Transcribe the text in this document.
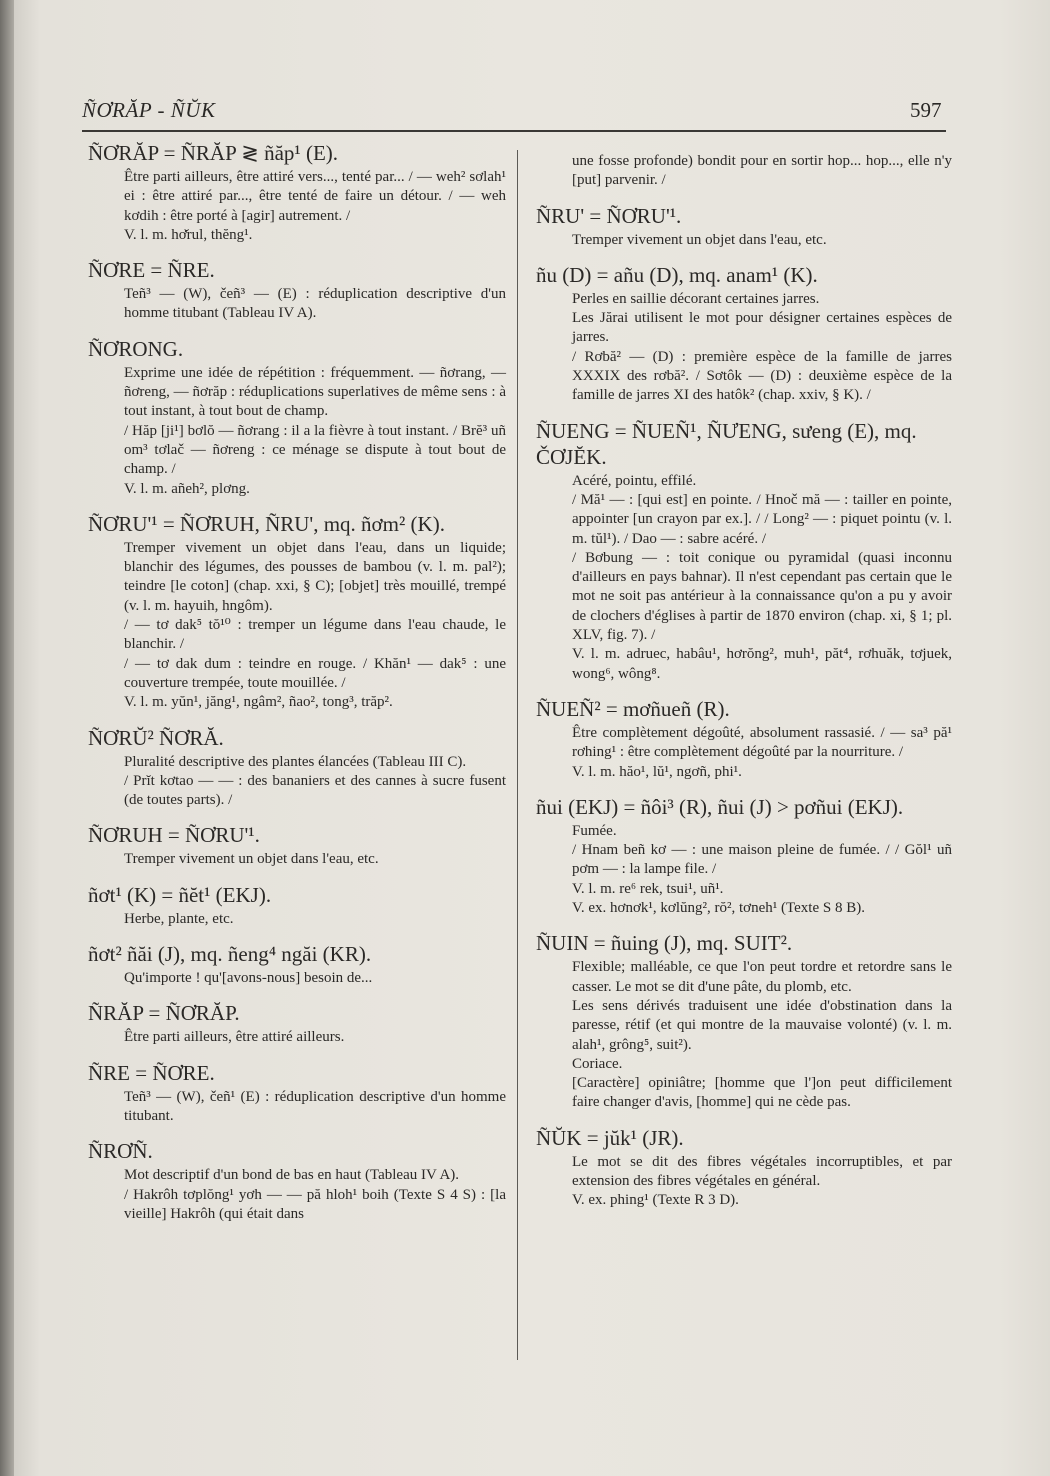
ÑƠRĂP - ÑŬK	597
ÑƠRĂP = ÑRĂP ≷ ñăp¹ (E).

Être parti ailleurs, être attiré vers..., tenté par... / — weh² sơlah¹ ei : être attiré par..., être tenté de faire un détour. / — weh kơdih : être porté à [agir] autrement. /

V. l. m. hơ̆rul, thĕng¹.

ÑƠRE = ÑRE.

Teñ³ — (W), čeñ³ — (E) : réduplication descriptive d'un homme titubant (Tableau IV A).

ÑƠRONG.

Exprime une idée de répétition : fréquemment. — ñơrang, — ñơreng, — ñơrăp : réduplications superlatives de même sens : à tout instant, à tout bout de champ.

/ Hăp [ji¹] bơlŏ — ñơrang : il a la fièvre à tout instant. / Brĕ³ uñ om³ tơlač — ñơreng : ce ménage se dispute à tout bout de champ. /

V. l. m. añeh², plơng.

ÑƠRU'¹ = ÑƠRUH, ÑRU', mq. ñơm² (K).

Tremper vivement un objet dans l'eau, dans un liquide; blanchir des légumes, des pousses de bambou (v. l. m. pal²); teindre [le coton] (chap. xxi, § C); [objet] très mouillé, trempé (v. l. m. hayuih, hngôm).

/ — tơ dak⁵ tŏ¹⁰ : tremper un légume dans l'eau chaude, le blanchir. /

/ — tơ dak dum : teindre en rouge. / Khăn¹ — dak⁵ : une couverture trempée, toute mouillée. /

V. l. m. yŭn¹, jăng¹, ngâm², ñao², tong³, trăp².

ÑƠRŬ² ÑƠRĂ.

Pluralité descriptive des plantes élancées (Tableau III C).

/ Prĭt kơtao — — : des bananiers et des cannes à sucre fusent (de toutes parts). /

ÑƠRUH = ÑƠRU'¹.

Tremper vivement un objet dans l'eau, etc.

ñơt¹ (K) = ñĕt¹ (EKJ).

Herbe, plante, etc.

ñơt² ñăi (J), mq. ñeng⁴ ngăi (KR).

Qu'importe ! qu'[avons-nous] besoin de...

ÑRĂP = ÑƠRĂP.

Être parti ailleurs, être attiré ailleurs.

ÑRE = ÑƠRE.

Teñ³ — (W), čeñ¹ (E) : réduplication descriptive d'un homme titubant.

ÑRƠÑ.

Mot descriptif d'un bond de bas en haut (Tableau IV A).

/ Hakrôh tơplŏng¹ yơh — — pă hloh¹ boih (Texte S 4 S) : [la vieille] Hakrôh (qui était dans

une fosse profonde) bondit pour en sortir hop... hop..., elle n'y [put] parvenir. /

ÑRU' = ÑƠRU'¹.

Tremper vivement un objet dans l'eau, etc.

ñu (D) = añu (D), mq. anam¹ (K).

Perles en saillie décorant certaines jarres.

Les Jărai utilisent le mot pour désigner certaines espèces de jarres.

/ Rơbă² — (D) : première espèce de la famille de jarres XXXIX des rơbă². / Sơtôk — (D) : deuxième espèce de la famille de jarres XI des hatôk² (chap. xxiv, § K). /

ÑUENG = ÑUEÑ¹, ÑƯENG, sưeng (E), mq. ČƠJĔK.

Acéré, pointu, effilé.

/ Mă¹ — : [qui est] en pointe. / Hnoč mă — : tailler en pointe, appointer [un crayon par ex.]. / / Long² — : piquet pointu (v. l. m. tŭl¹). / Dao — : sabre acéré. /

/ Bơbung — : toit conique ou pyramidal (quasi inconnu d'ailleurs en pays bahnar). Il n'est cependant pas certain que le mot ne soit pas antérieur à la connaissance qu'on a pu y avoir de clochers d'églises à partir de 1870 environ (chap. xi, § 1; pl. XLV, fig. 7). /

V. l. m. adruec, habâu¹, hơrŏng², muh¹, păt⁴, rơhuăk, tơjuek, wong⁶, wông⁸.

ÑUEÑ² = mơñueñ (R).

Être complètement dégoûté, absolument rassasié. / — sa³ pă¹ rơhing¹ : être complètement dégoûté par la nourriture. /

V. l. m. hăo¹, lŭ¹, ngơñ, phi¹.

ñui (EKJ) = ñôi³ (R), ñui (J) > pơñui (EKJ).

Fumée.

/ Hnam beñ kơ — : une maison pleine de fumée. / / Gŏl¹ uñ pơm — : la lampe file. /

V. l. m. re⁶ rek, tsui¹, uñ¹.

V. ex. hơnơk¹, kơlŭng², rŏ², tơneh¹ (Texte S 8 B).

ÑUIN = ñuing (J), mq. SUIT².

Flexible; malléable, ce que l'on peut tordre et retordre sans le casser. Le mot se dit d'une pâte, du plomb, etc.

Les sens dérivés traduisent une idée d'obstination dans la paresse, rétif (et qui montre de la mauvaise volonté) (v. l. m. alah¹, grông⁵, suit²).

Coriace.

[Caractère] opiniâtre; [homme que l']on peut difficilement faire changer d'avis, [homme] qui ne cède pas.

ÑŬK = jŭk¹ (JR).

Le mot se dit des fibres végétales incorruptibles, et par extension des fibres végétales en général.

V. ex. phing¹ (Texte R 3 D).
